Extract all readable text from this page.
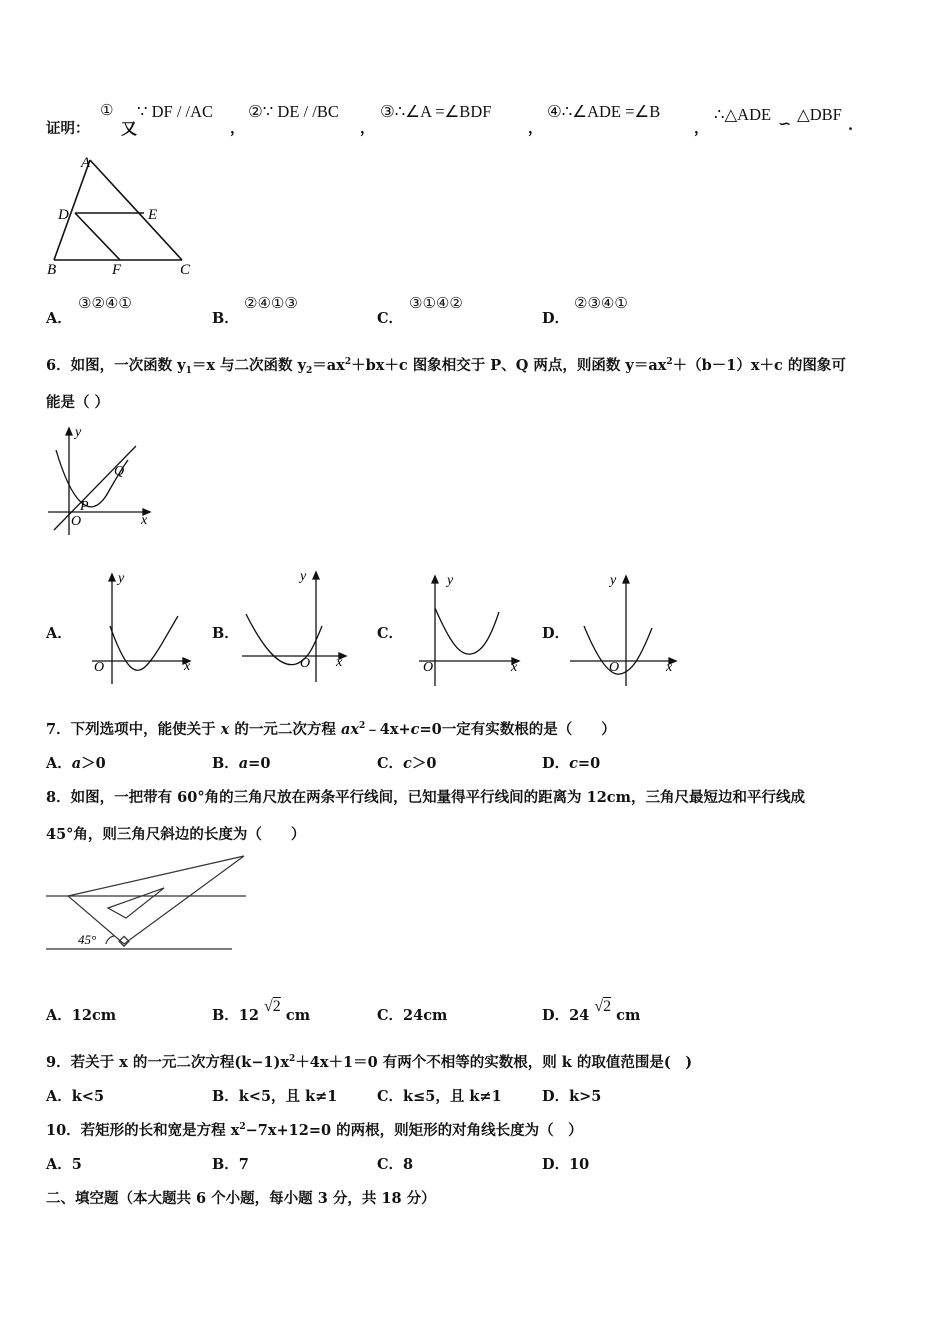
证明：
①
又
∵ DF / /AC
，
②∵ DE / /BC
，
③∴∠A =∠BDF
，
④∴∠ADE =∠B
，
∴△ADE ∽ △DBF
.
A
D	E
B	F	C
A．
③②④①
B．
②④①③
C．
③①④②
D．
②③④①
6．如图，一次函数 $y_1=x$ 与二次函数 $y_2=ax^2+bx+c$ 图象相交于 P、Q 两点，则函数 $y=ax^2+(b-1)x+c$ 的图象可
能是（ ）
y
x
O
P
Q
A．
y
x
O
B．
y
x
O
C．
y
x
O
D．
y
x
O
7．下列选项中，能使关于 x 的一元二次方程 $ax^2﹣4x+c=0$一定有实数根的是（　　）
A．a＞0	B．a=0	C．c＞0	D．c=0
8．如图，一把带有 60°角的三角尺放在两条平行线间，已知量得平行线间的距离为 12cm，三角尺最短边和平行线成
45°角，则三角尺斜边的长度为（　　）
45°
A．12cm	B．12 √2 cm	C．24cm	D．24 √2 cm
9．若关于 x 的一元二次方程$(k-1)x^2+4x+1=0$ 有两个不相等的实数根，则 k 的取值范围是(　)
A．k<5	B．k<5，且 k≠1	C．k≤5，且 k≠1	D．k>5
10．若矩形的长和宽是方程 $x^2-7x+12=0$ 的两根，则矩形的对角线长度为（　）
A．5	B．7	C．8	D．10
二、填空题（本大题共 6 个小题，每小题 3 分，共 18 分）
